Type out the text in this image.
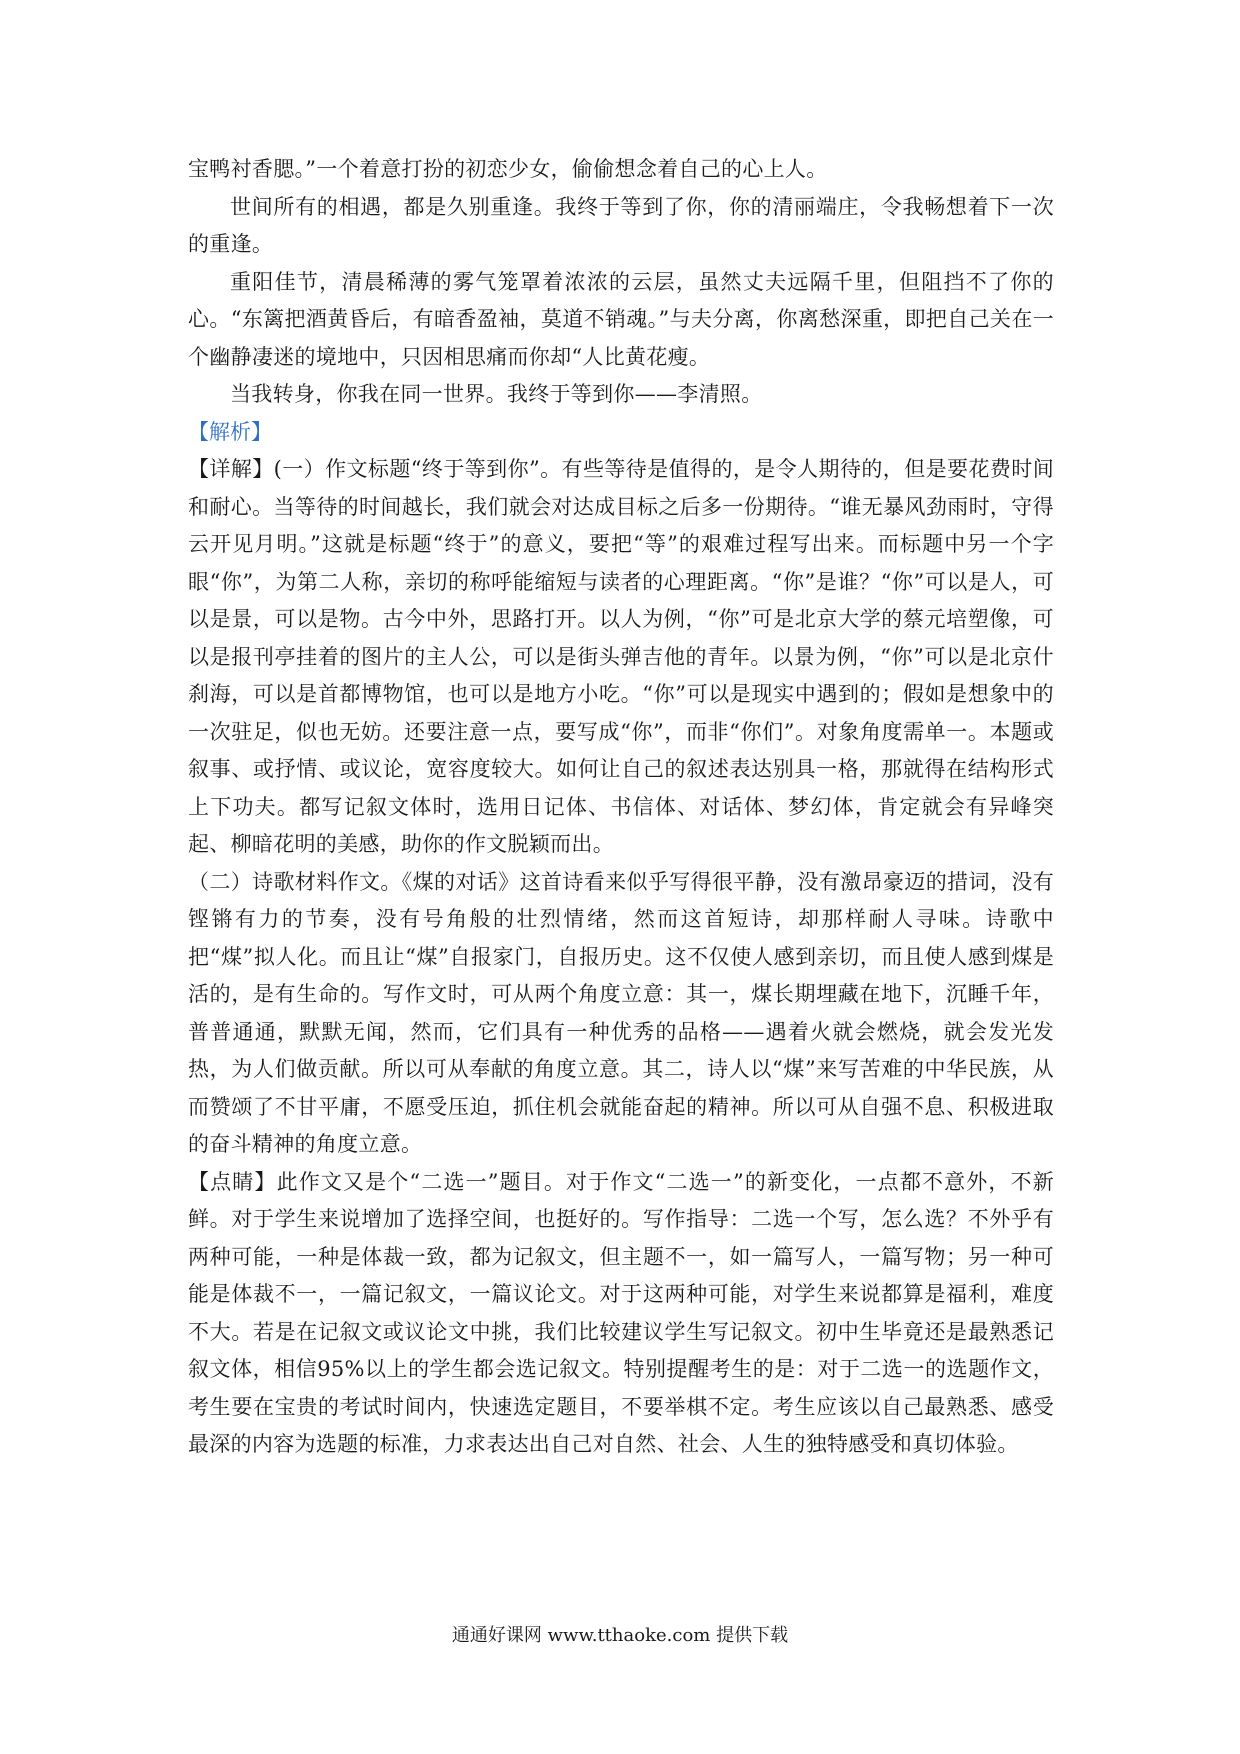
宝鸭衬香腮。”一个着意打扮的初恋少女，偷偷想念着自己的心上人。

世间所有的相遇，都是久别重逢。我终于等到了你，你的清丽端庄，令我畅想着下一次的重逢。

重阳佳节，清晨稀薄的雾气笼罩着浓浓的云层，虽然丈夫远隔千里，但阻挡不了你的心。“东篱把酒黄昏后，有暗香盈袖，莫道不销魂。”与夫分离，你离愁深重，即把自己关在一个幽静凄迷的境地中，只因相思痛而你却“人比黄花瘦。

当我转身，你我在同一世界。我终于等到你——李清照。

【解析】

【详解】(一）作文标题“终于等到你”。有些等待是值得的，是令人期待的，但是要花费时间和耐心。当等待的时间越长，我们就会对达成目标之后多一份期待。“谁无暴风劲雨时，守得云开见月明。”这就是标题“终于”的意义，要把“等”的艰难过程写出来。而标题中另一个字眼“你”，为第二人称，亲切的称呼能缩短与读者的心理距离。“你”是谁？“你”可以是人，可以是景，可以是物。古今中外，思路打开。以人为例，“你”可是北京大学的蔡元培塑像，可以是报刊亭挂着的图片的主人公，可以是街头弹吉他的青年。以景为例，“你”可以是北京什刹海，可以是首都博物馆，也可以是地方小吃。“你”可以是现实中遇到的；假如是想象中的一次驻足，似也无妨。还要注意一点，要写成“你”，而非“你们”。对象角度需单一。本题或叙事、或抒情、或议论，宽容度较大。如何让自己的叙述表达别具一格，那就得在结构形式上下功夫。都写记叙文体时，选用日记体、书信体、对话体、梦幻体，肯定就会有异峰突起、柳暗花明的美感，助你的作文脱颖而出。

（二）诗歌材料作文。《煤的对话》这首诗看来似乎写得很平静，没有激昂豪迈的措词，没有铿锵有力的节奏，没有号角般的壮烈情绪，然而这首短诗，却那样耐人寻味。诗歌中把“煤”拟人化。而且让“煤”自报家门，自报历史。这不仅使人感到亲切，而且使人感到煤是活的，是有生命的。写作文时，可从两个角度立意：其一，煤长期埋藏在地下，沉睡千年，普普通通，默默无闻，然而，它们具有一种优秀的品格——遇着火就会燃烧，就会发光发热，为人们做贡献。所以可从奉献的角度立意。其二，诗人以“煤”来写苦难的中华民族，从而赞颂了不甘平庸，不愿受压迫，抓住机会就能奋起的精神。所以可从自强不息、积极进取的奋斗精神的角度立意。

【点睛】此作文又是个“二选一”题目。对于作文“二选一”的新变化，一点都不意外，不新鲜。对于学生来说增加了选择空间，也挺好的。写作指导：二选一个写，怎么选？不外乎有两种可能，一种是体裁一致，都为记叙文，但主题不一，如一篇写人，一篇写物；另一种可能是体裁不一，一篇记叙文，一篇议论文。对于这两种可能，对学生来说都算是福利，难度不大。若是在记叙文或议论文中挑，我们比较建议学生写记叙文。初中生毕竟还是最熟悉记叙文体，相信95%以上的学生都会选记叙文。特别提醒考生的是：对于二选一的选题作文，考生要在宝贵的考试时间内，快速选定题目，不要举棋不定。考生应该以自己最熟悉、感受最深的内容为选题的标准，力求表达出自己对自然、社会、人生的独特感受和真切体验。

通通好课网 www.tthaoke.com 提供下载
